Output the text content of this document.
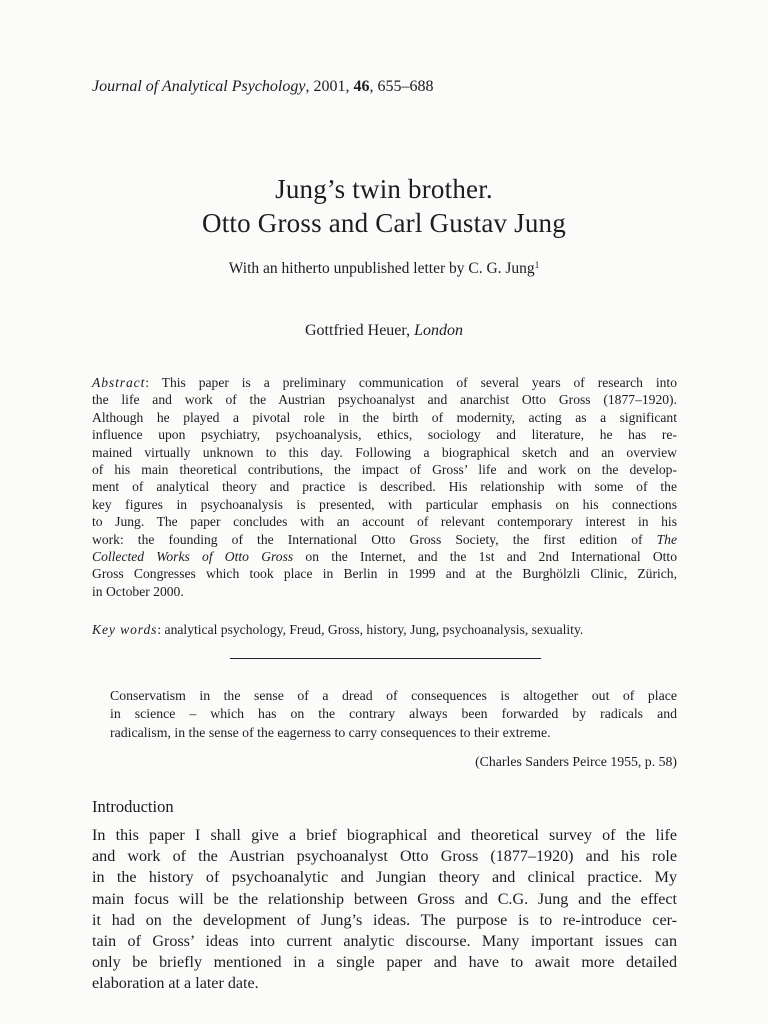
Journal of Analytical Psychology, 2001, 46, 655–688
Jung’s twin brother.
Otto Gross and Carl Gustav Jung
With an hitherto unpublished letter by C. G. Jung$^1$
Gottfried Heuer, London
Abstract: This paper is a preliminary communication of several years of research into
the life and work of the Austrian psychoanalyst and anarchist Otto Gross (1877–1920).
Although he played a pivotal role in the birth of modernity, acting as a significant
influence upon psychiatry, psychoanalysis, ethics, sociology and literature, he has re-
mained virtually unknown to this day. Following a biographical sketch and an overview
of his main theoretical contributions, the impact of Gross’ life and work on the develop-
ment of analytical theory and practice is described. His relationship with some of the
key figures in psychoanalysis is presented, with particular emphasis on his connections
to Jung. The paper concludes with an account of relevant contemporary interest in his
work: the founding of the International Otto Gross Society, the first edition of The
Collected Works of Otto Gross on the Internet, and the 1st and 2nd International Otto
Gross Congresses which took place in Berlin in 1999 and at the Burghölzli Clinic, Zürich,
in October 2000.
Key words: analytical psychology, Freud, Gross, history, Jung, psychoanalysis, sexuality.
Conservatism in the sense of a dread of consequences is altogether out of place
in science – which has on the contrary always been forwarded by radicals and
radicalism, in the sense of the eagerness to carry consequences to their extreme.
(Charles Sanders Peirce 1955, p. 58)
Introduction
In this paper I shall give a brief biographical and theoretical survey of the life
and work of the Austrian psychoanalyst Otto Gross (1877–1920) and his role
in the history of psychoanalytic and Jungian theory and clinical practice. My
main focus will be the relationship between Gross and C.G. Jung and the effect
it had on the development of Jung’s ideas. The purpose is to re-introduce cer-
tain of Gross’ ideas into current analytic discourse. Many important issues can
only be briefly mentioned in a single paper and have to await more detailed
elaboration at a later date.
